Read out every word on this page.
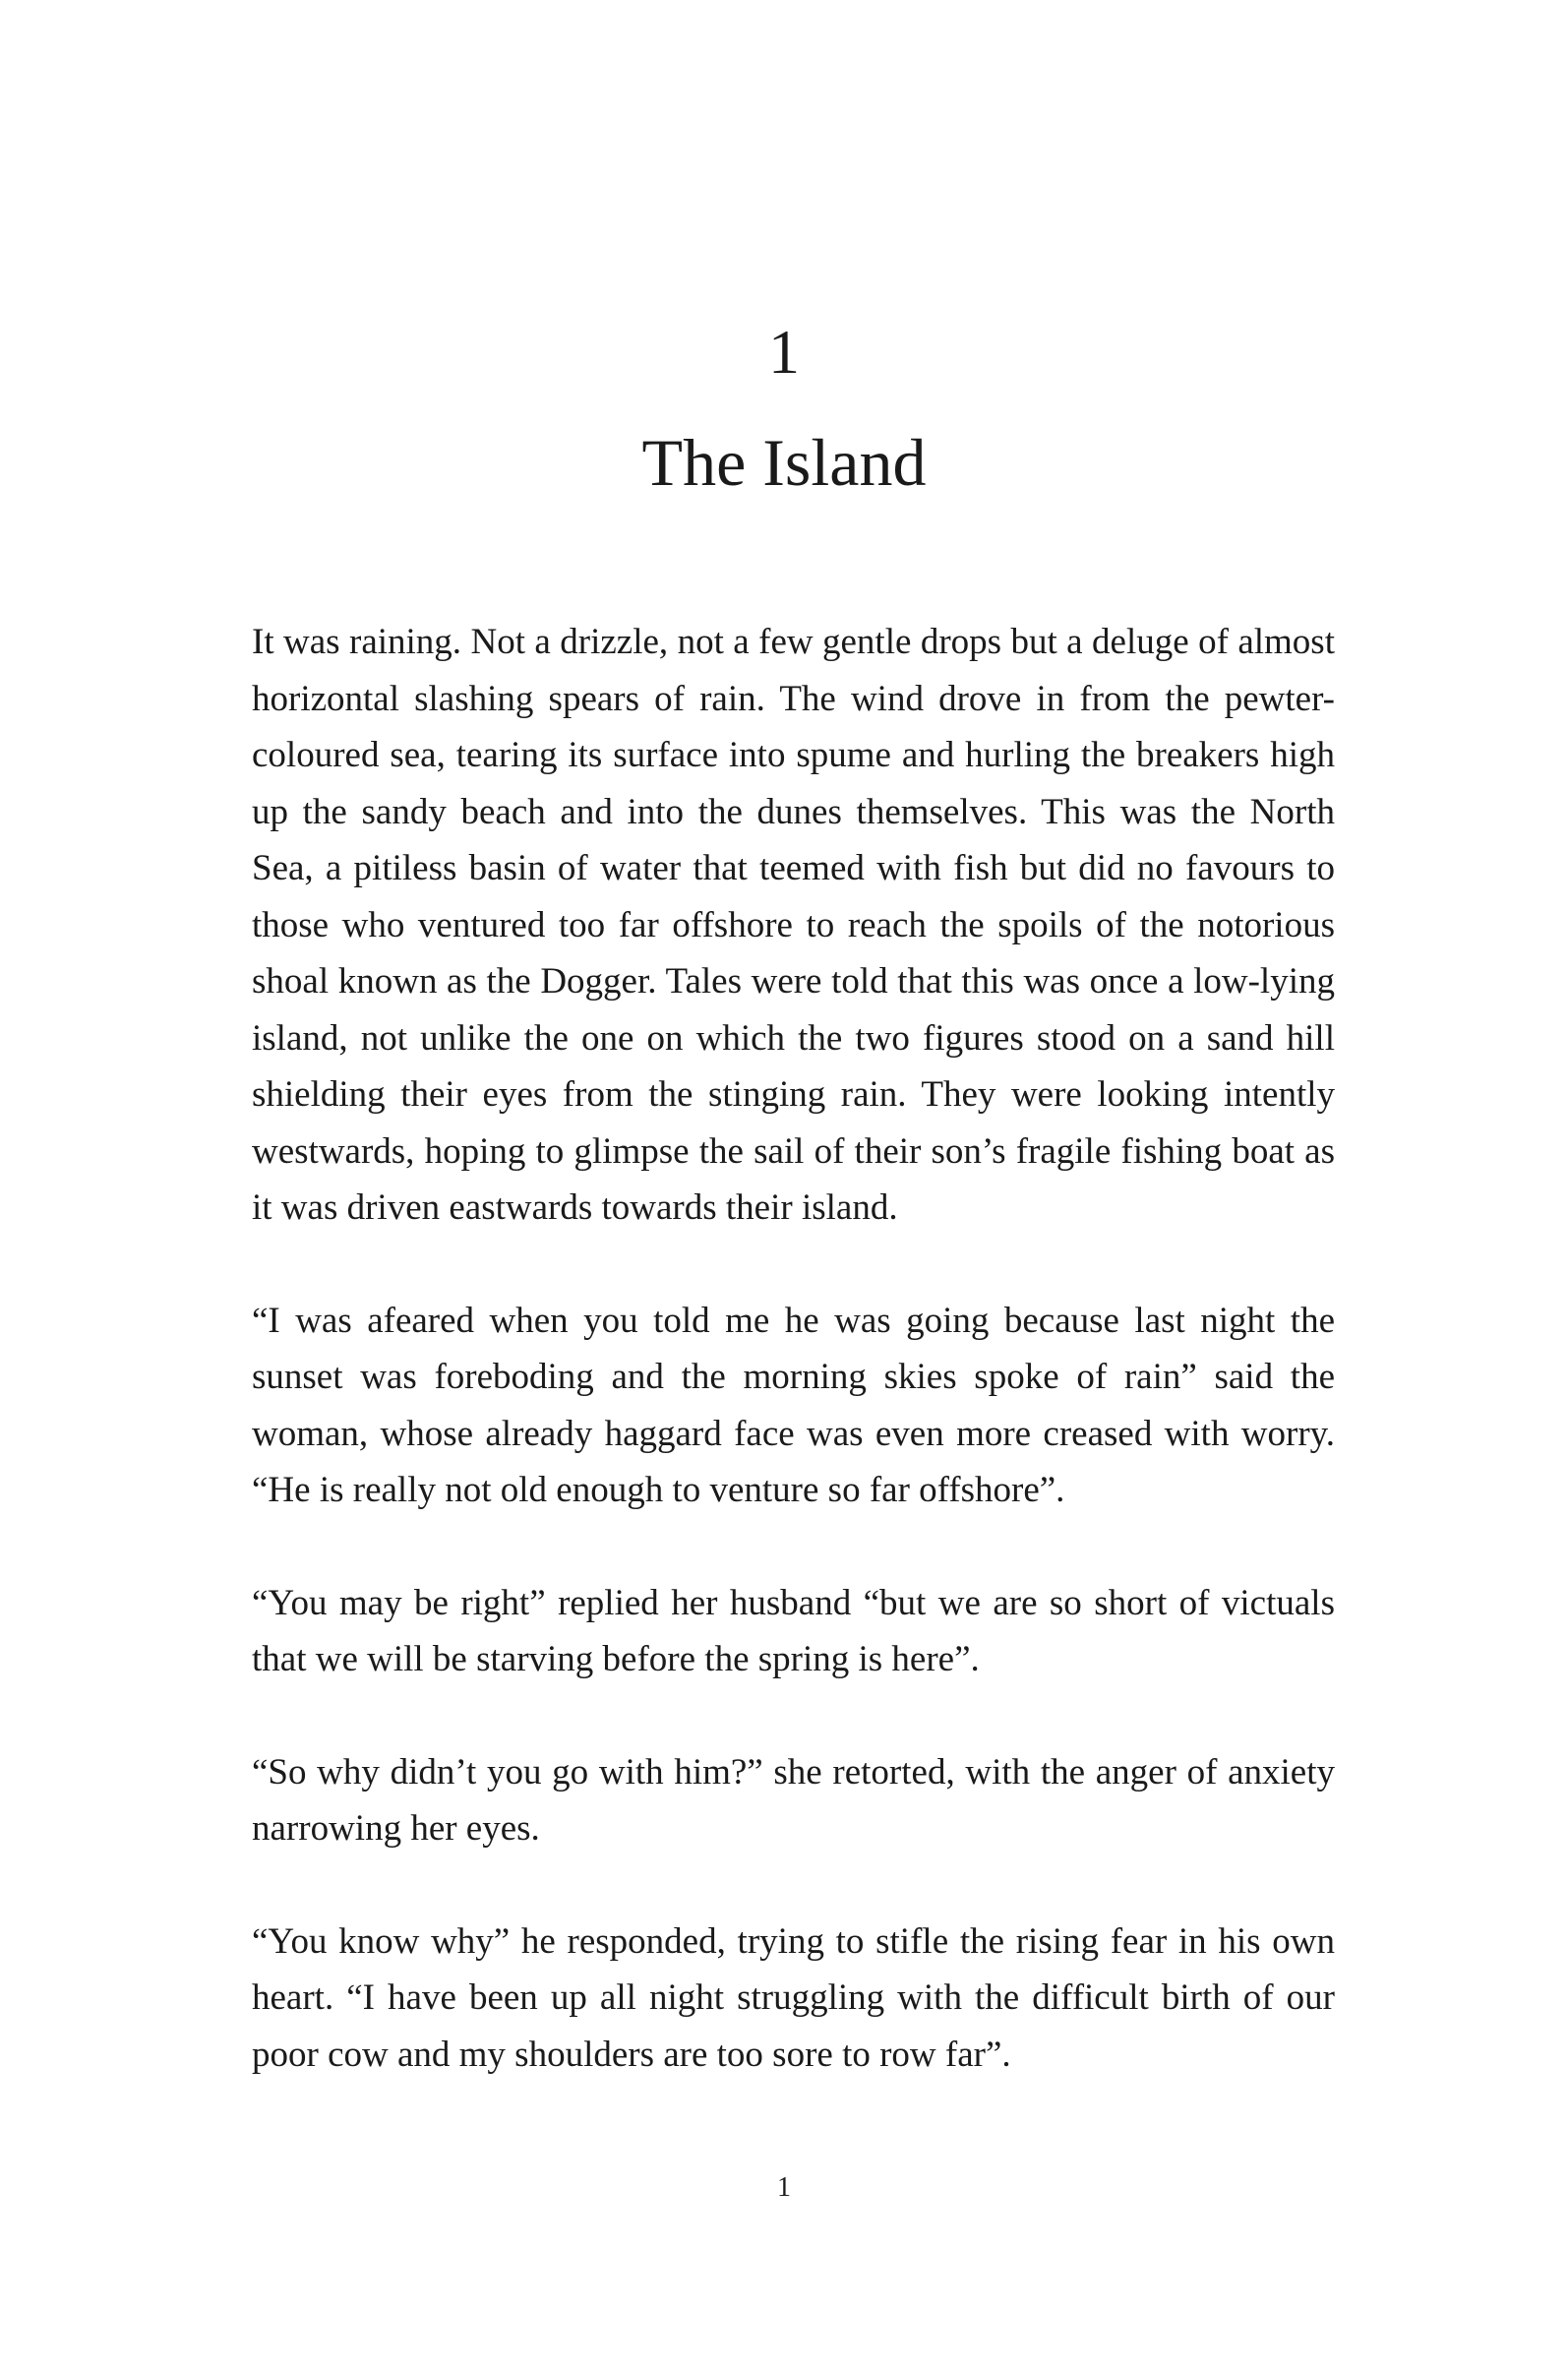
1
The Island

It was raining. Not a drizzle, not a few gentle drops but a deluge of almost horizontal slashing spears of rain. The wind drove in from the pewter-coloured sea, tearing its surface into spume and hurling the breakers high up the sandy beach and into the dunes themselves. This was the North Sea, a pitiless basin of water that teemed with fish but did no favours to those who ventured too far offshore to reach the spoils of the notorious shoal known as the Dogger. Tales were told that this was once a low-lying island, not unlike the one on which the two figures stood on a sand hill shielding their eyes from the stinging rain. They were looking intently westwards, hoping to glimpse the sail of their son’s fragile fishing boat as it was driven eastwards towards their island.

“I was afeared when you told me he was going because last night the sunset was foreboding and the morning skies spoke of rain” said the woman, whose already haggard face was even more creased with worry. “He is really not old enough to venture so far offshore”.

“You may be right” replied her husband “but we are so short of victuals that we will be starving before the spring is here”.

“So why didn’t you go with him?” she retorted, with the anger of anxiety narrowing her eyes.

“You know why” he responded, trying to stifle the rising fear in his own heart. “I have been up all night struggling with the difficult birth of our poor cow and my shoulders are too sore to row far”.

1
